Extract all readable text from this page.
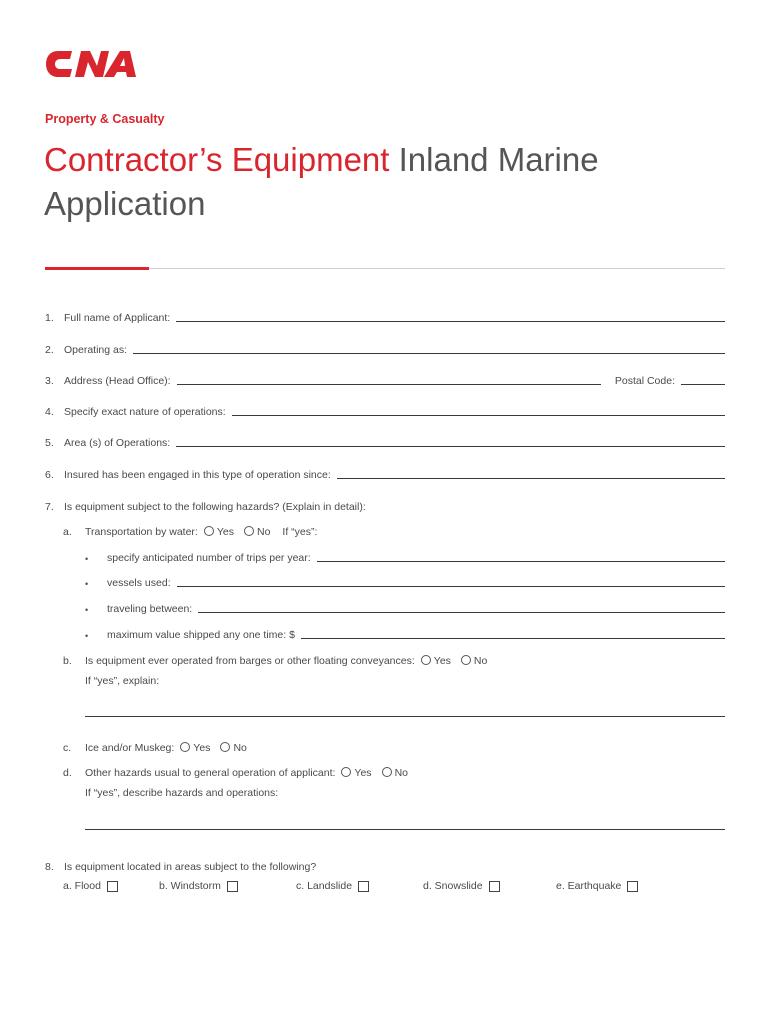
Property & Casualty
Contractor’s Equipment Inland Marine Application
1. Full name of Applicant:
2. Operating as:
3. Address (Head Office):	Postal Code:
4. Specify exact nature of operations:
5. Area (s) of Operations:
6. Insured has been engaged in this type of operation since:
7. Is equipment subject to the following hazards? (Explain in detail):
a.	Transportation by water: Yes No If “yes”:
•	specify anticipated number of trips per year:
•	vessels used:
•	traveling between:
•	maximum value shipped any one time: $
b.	Is equipment ever operated from barges or other floating conveyances: Yes No
If “yes”, explain:
c.	Ice and/or Muskeg: Yes No
d.	Other hazards usual to general operation of applicant: Yes No
If “yes”, describe hazards and operations:
8. Is equipment located in areas subject to the following?
a. Flood	b. Windstorm	c. Landslide	d. Snowslide	e. Earthquake
